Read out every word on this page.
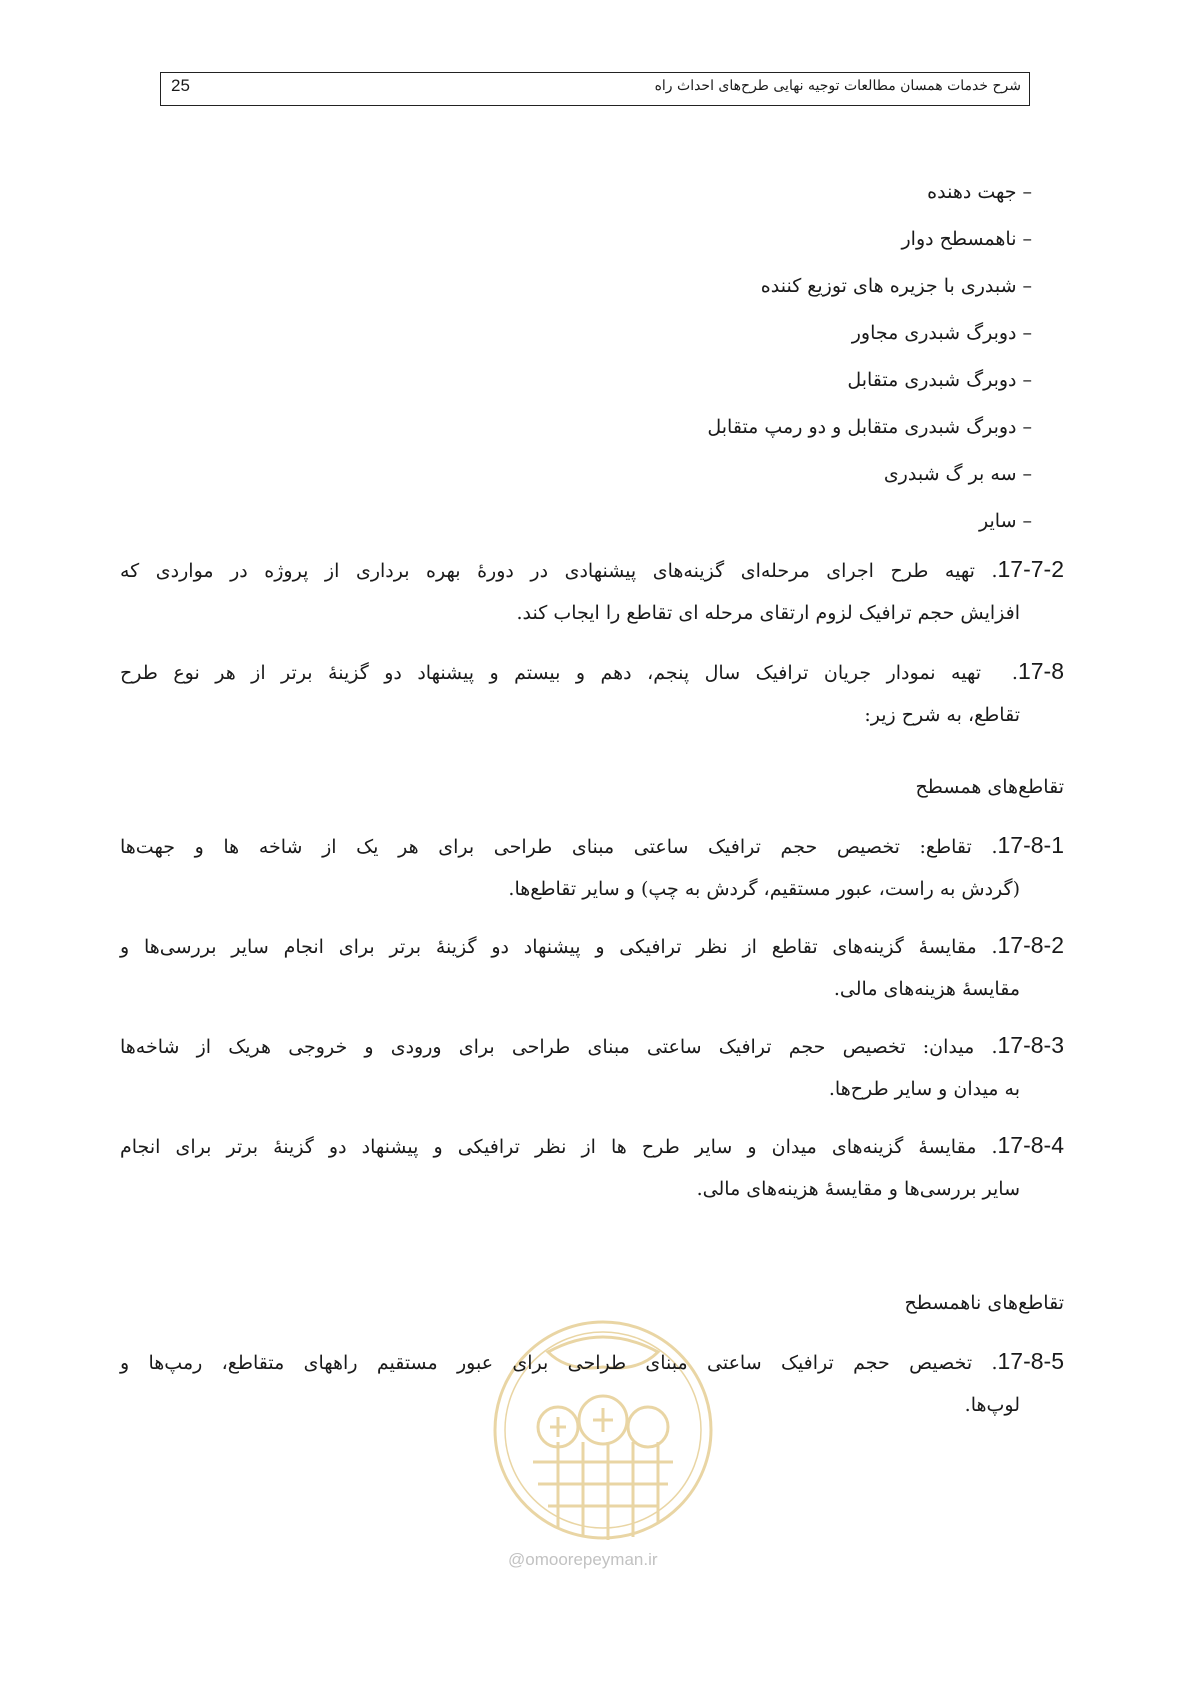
25	شرح خدمات همسان مطالعات توجیه نهایی طرح‌های احداث راه
–جهت دهنده
–ناهمسطح دوار
–شبدری با جزیره های توزیع کننده
–دوبرگ شبدری مجاور
–دوبرگ شبدری متقابل
–دوبرگ شبدری متقابل و دو رمپ متقابل
–سه بر گ شبدری
–سایر
17-7-2. تهیه طرح اجرای مرحله‌ای گزینه‌های پیشنهادی در دورهٔ بهره برداری از پروژه در مواردی که
افزایش حجم ترافیک لزوم ارتقای مرحله ای تقاطع را ایجاب کند.
17-8.  تهیه نمودار جریان ترافیک سال پنجم، دهم و بیستم و پیشنهاد دو گزینهٔ برتر از هر نوع طرح
تقاطع، به شرح زیر:
تقاطع‌های همسطح
17-8-1. تقاطع: تخصیص حجم ترافیک ساعتی مبنای طراحی برای هر یک از شاخه ها و جهت‌ها
(گردش به راست، عبور مستقیم، گردش به چپ) و سایر تقاطع‌ها.
17-8-2. مقایسهٔ گزینه‌های تقاطع از نظر ترافیکی و پیشنهاد دو گزینهٔ برتر برای انجام سایر بررسی‌ها و
مقایسهٔ هزینه‌های مالی.
17-8-3. میدان: تخصیص حجم ترافیک ساعتی مبنای طراحی برای ورودی و خروجی هریک از شاخه‌ها
به میدان و سایر طرح‌ها.
17-8-4. مقایسهٔ گزینه‌های میدان و سایر طرح ها از نظر ترافیکی و پیشنهاد دو گزینهٔ برتر برای انجام
سایر بررسی‌ها و مقایسهٔ هزینه‌های مالی.
تقاطع‌های ناهمسطح
@omoorepeyman.ir
17-8-5. تخصیص حجم ترافیک ساعتی مبنای طراحی برای عبور مستقیم راههای متقاطع، رمپ‌ها و
لوپ‌ها.
